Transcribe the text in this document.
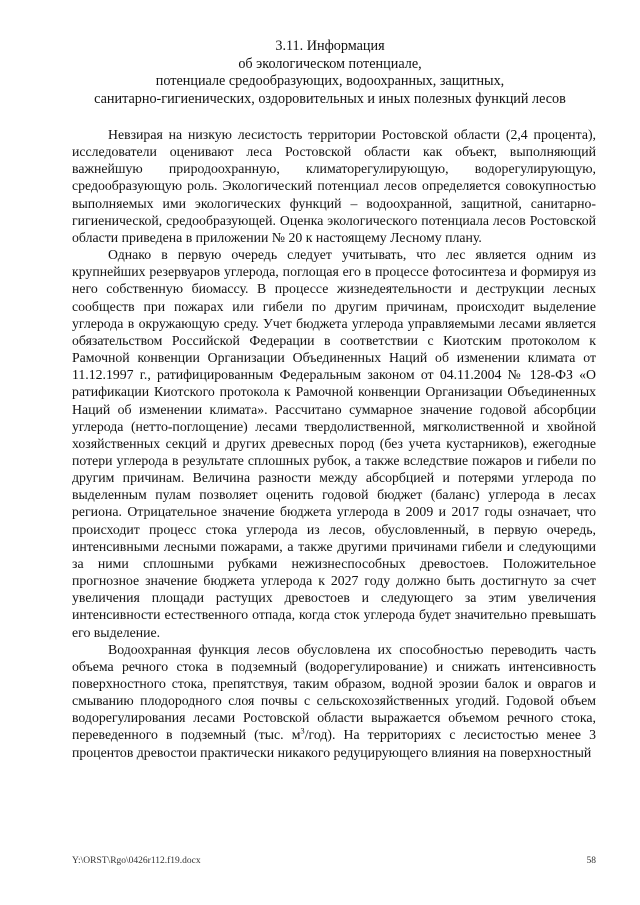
3.11. Информация
об экологическом потенциале,
потенциале средообразующих, водоохранных, защитных,
санитарно-гигиенических, оздоровительных и иных полезных функций лесов

Невзирая на низкую лесистость территории Ростовской области (2,4 процента), исследователи оценивают леса Ростовской области как объект, выполняющий важнейшую природоохранную, климаторегулирующую, водорегулирующую, средообразующую роль. Экологический потенциал лесов определяется совокупностью выполняемых ими экологических функций – водоохранной, защитной, санитарно-гигиенической, средообразующей. Оценка экологического потенциала лесов Ростовской области приведена в приложении № 20 к настоящему Лесному плану.

Однако в первую очередь следует учитывать, что лес является одним из крупнейших резервуаров углерода, поглощая его в процессе фотосинтеза и формируя из него собственную биомассу. В процессе жизнедеятельности и деструкции лесных сообществ при пожарах или гибели по другим причинам, происходит выделение углерода в окружающую среду. Учет бюджета углерода управляемыми лесами является обязательством Российской Федерации в соответствии с Киотским протоколом к Рамочной конвенции Организации Объединенных Наций об изменении климата от 11.12.1997 г., ратифицированным Федеральным законом от 04.11.2004 № 128-ФЗ «О ратификации Киотского протокола к Рамочной конвенции Организации Объединенных Наций об изменении климата». Рассчитано суммарное значение годовой абсорбции углерода (нетто-поглощение) лесами твердолиственной, мягколиственной и хвойной хозяйственных секций и других древесных пород (без учета кустарников), ежегодные потери углерода в результате сплошных рубок, а также вследствие пожаров и гибели по другим причинам. Величина разности между абсорбцией и потерями углерода по выделенным пулам позволяет оценить годовой бюджет (баланс) углерода в лесах региона. Отрицательное значение бюджета углерода в 2009 и 2017 годы означает, что происходит процесс стока углерода из лесов, обусловленный, в первую очередь, интенсивными лесными пожарами, а также другими причинами гибели и следующими за ними сплошными рубками нежизнеспособных древостоев. Положительное прогнозное значение бюджета углерода к 2027 году должно быть достигнуто за счет увеличения площади растущих древостоев и следующего за этим увеличения интенсивности естественного отпада, когда сток углерода будет значительно превышать его выделение.

Водоохранная функция лесов обусловлена их способностью переводить часть объема речного стока в подземный (водорегулирование) и снижать интенсивность поверхностного стока, препятствуя, таким образом, водной эрозии балок и оврагов и смыванию плодородного слоя почвы с сельскохозяйственных угодий. Годовой объем водорегулирования лесами Ростовской области выражается объемом речного стока, переведенного в подземный (тыс. $м^3/год$). На территориях с лесистостью менее 3 процентов древостои практически никакого редуцирующего влияния на поверхностный

Y:\ORST\Rgo\0426r112.f19.docx	58
